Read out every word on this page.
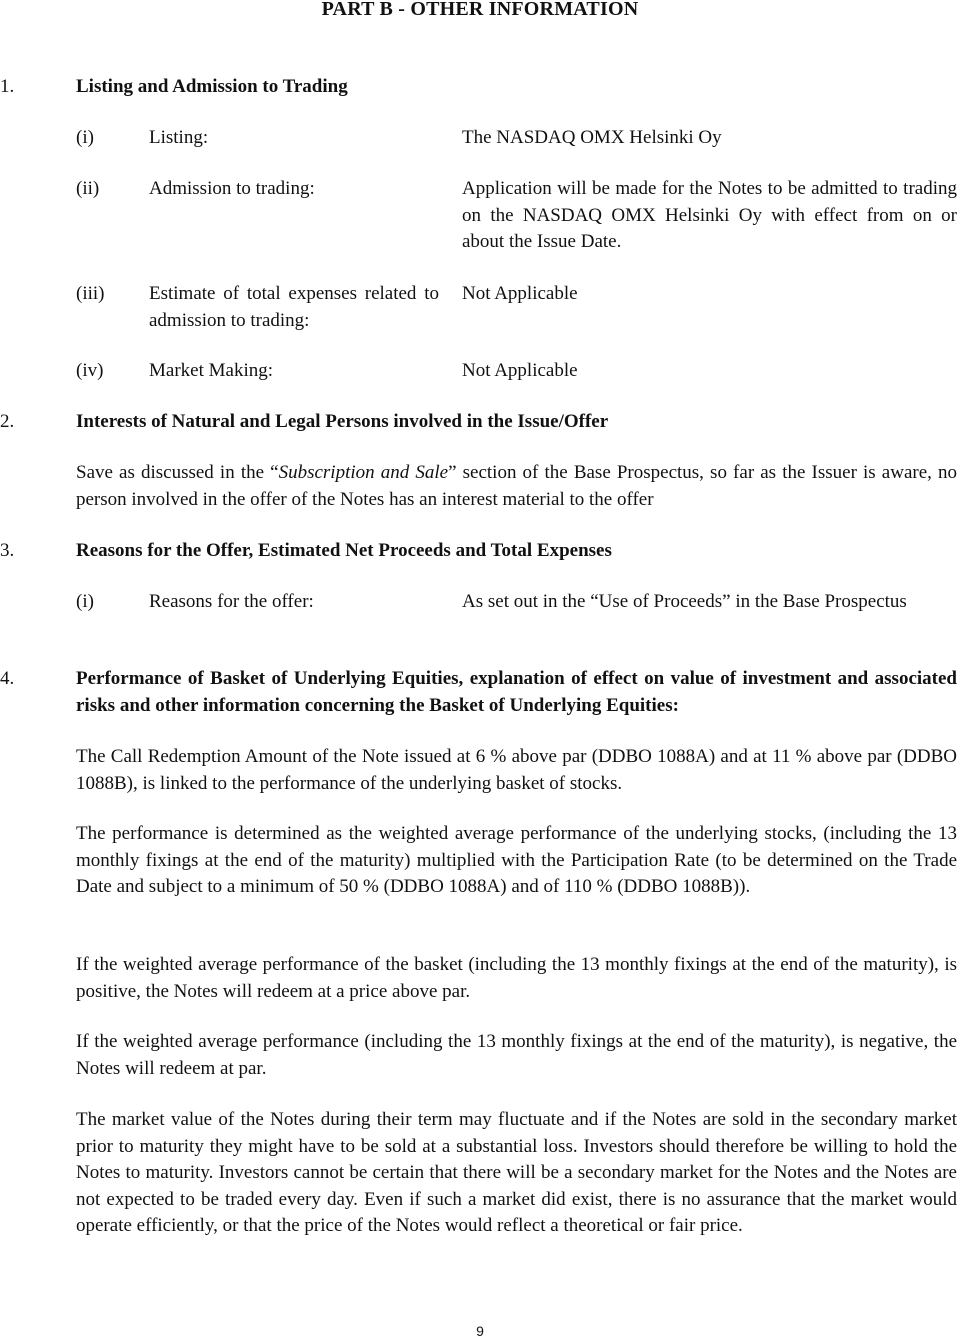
PART B - OTHER INFORMATION
1.	Listing and Admission to Trading
(i)	Listing:	The NASDAQ OMX Helsinki Oy
(ii)	Admission to trading:	Application will be made for the Notes to be admitted to trading on the NASDAQ OMX Helsinki Oy with effect from on or about the Issue Date.
(iii) Estimate of total expenses related to admission to trading:
Not Applicable
(iv) Market Making:	Not Applicable
2.	Interests of Natural and Legal Persons involved in the Issue/Offer
Save as discussed in the “Subscription and Sale” section of the Base Prospectus, so far as the Issuer is aware, no person involved in the offer of the Notes has an interest material to the offer
3.	Reasons for the Offer, Estimated Net Proceeds and Total Expenses
(i)	Reasons for the offer:	As set out in the “Use of Proceeds” in the Base Prospectus
4.	Performance of Basket of Underlying Equities, explanation of effect on value of investment and associated risks and other information concerning the Basket of Underlying Equities:
The Call Redemption Amount of the Note issued at 6 % above par (DDBO 1088A) and at 11 % above par (DDBO 1088B), is linked to the performance of the underlying basket of stocks.
The performance is determined as the weighted average performance of the underlying stocks, (including the 13 monthly fixings at the end of the maturity) multiplied with the Participation Rate (to be determined on the Trade Date and subject to a minimum of 50 % (DDBO 1088A) and of 110 % (DDBO 1088B)).
If the weighted average performance of the basket (including the 13 monthly fixings at the end of the maturity), is positive, the Notes will redeem at a price above par.
If the weighted average performance (including the 13 monthly fixings at the end of the maturity), is negative, the Notes will redeem at par.
The market value of the Notes during their term may fluctuate and if the Notes are sold in the secondary market prior to maturity they might have to be sold at a substantial loss. Investors should therefore be willing to hold the Notes to maturity. Investors cannot be certain that there will be a secondary market for the Notes and the Notes are not expected to be traded every day. Even if such a market did exist, there is no assurance that the market would operate efficiently, or that the price of the Notes would reflect a theoretical or fair price.
9
